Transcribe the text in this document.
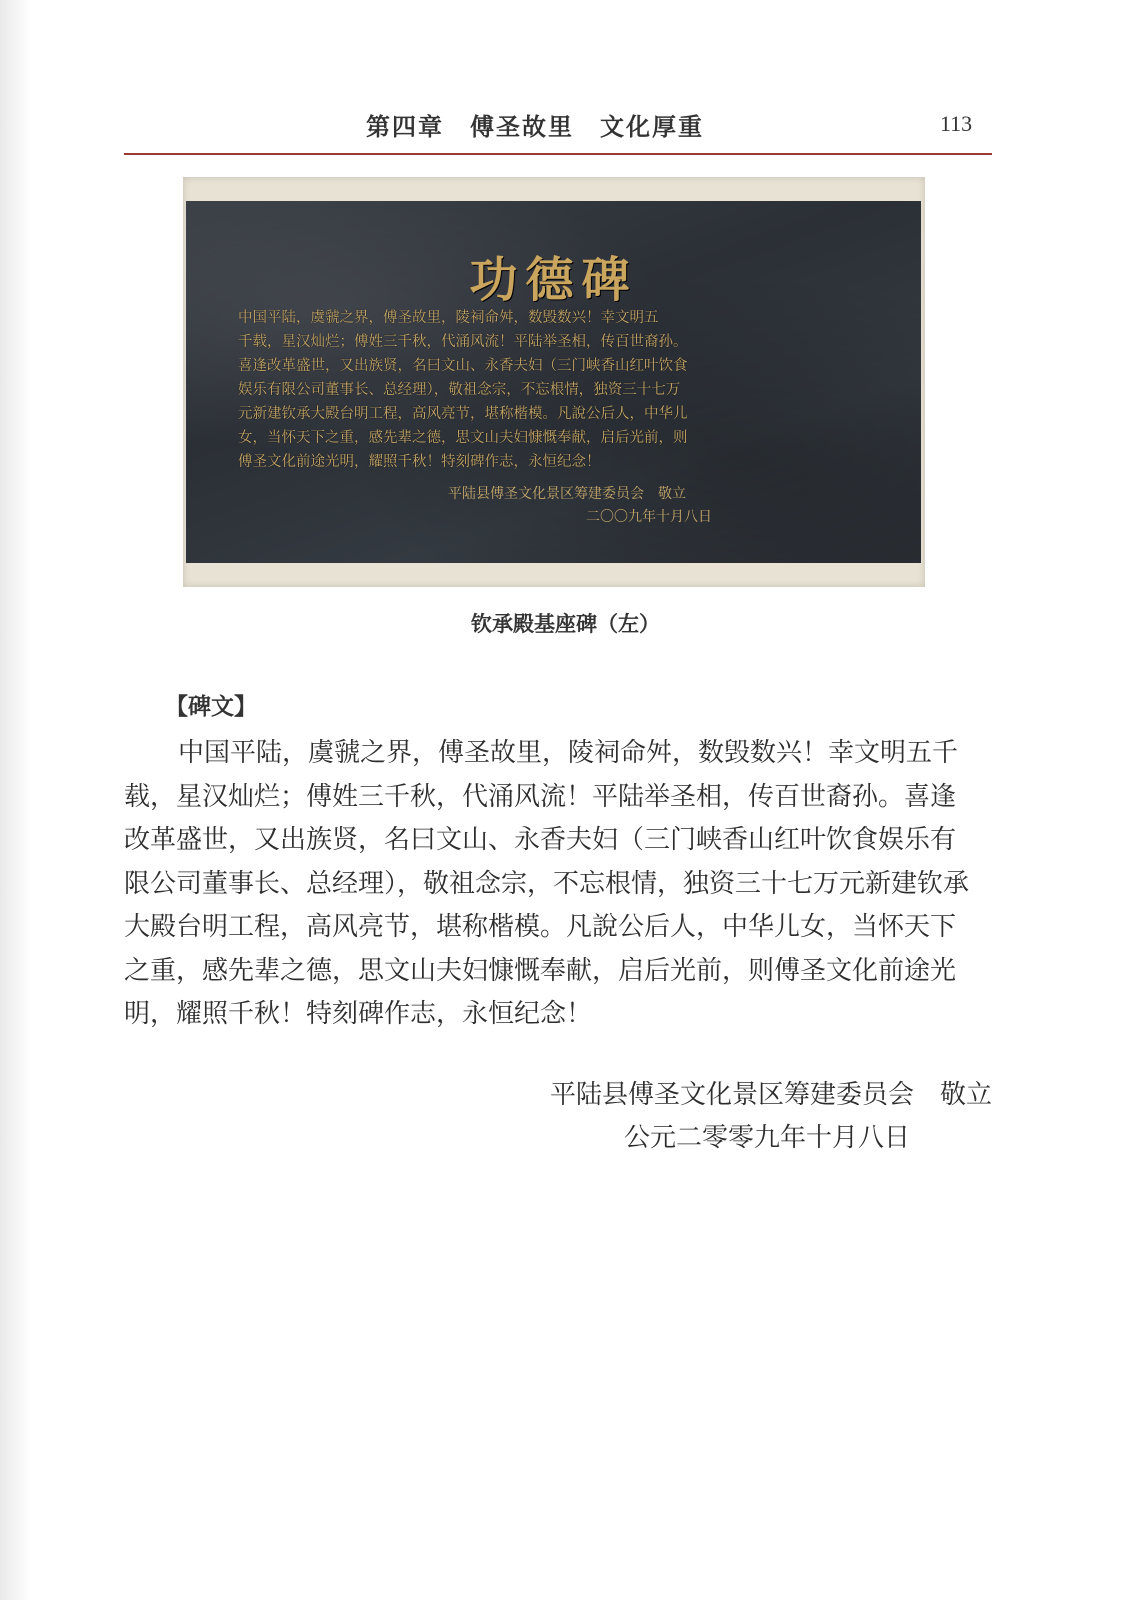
第四章　傅圣故里　文化厚重	113
功德碑
中国平陆，虞虢之界，傅圣故里，陵祠命舛，数毁数兴！幸文明五
千载，星汉灿烂；傅姓三千秋，代涌风流！平陆举圣相，传百世裔孙。
喜逢改革盛世，又出族贤，名曰文山、永香夫妇（三门峡香山红叶饮食
娱乐有限公司董事长、总经理），敬祖念宗，不忘根情，独资三十七万
元新建钦承大殿台明工程，高风亮节，堪称楷模。凡說公后人，中华儿
女，当怀天下之重，感先辈之德，思文山夫妇慷慨奉献，启后光前，则
傅圣文化前途光明，耀照千秋！特刻碑作志，永恒纪念！
平陆县傅圣文化景区筹建委员会　敬立
二〇〇九年十月八日
钦承殿基座碑（左）
【碑文】
中国平陆，虞虢之界，傅圣故里，陵祠命舛，数毁数兴！幸文明五千
载，星汉灿烂；傅姓三千秋，代涌风流！平陆举圣相，传百世裔孙。喜逢
改革盛世，又出族贤，名曰文山、永香夫妇（三门峡香山红叶饮食娱乐有
限公司董事长、总经理），敬祖念宗，不忘根情，独资三十七万元新建钦承
大殿台明工程，高风亮节，堪称楷模。凡說公后人，中华儿女，当怀天下
之重，感先辈之德，思文山夫妇慷慨奉献，启后光前，则傅圣文化前途光
明，耀照千秋！特刻碑作志，永恒纪念！
平陆县傅圣文化景区筹建委员会　敬立
公元二零零九年十月八日
